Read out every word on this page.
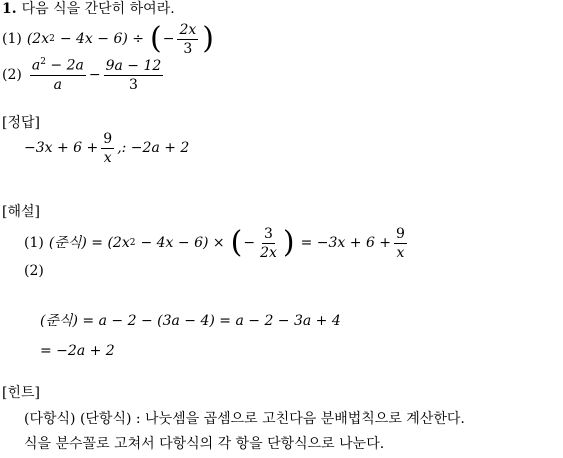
1. 다음 식을 간단히 하여라.
(1) (2x 2 − 4x − 6) ÷ ( − $\frac{2x}{3}$ )
$(2) \frac{a^2 - 2a}{a} - \frac{9a - 12}{3}$
[정답]
$-3x + 6 + \frac{9}{x}$ ,: −2a + 2
[해설]
(1) (준식) = (2x 2 − 4x − 6) × ( − $\frac{3}{2x}$ ) = $-3x + 6 + \frac{9}{x}$
(2)
(준식) = a − 2 − (3a − 4) = a − 2 − 3a + 4
= −2a + 2
[힌트]
(다항식) (단항식) : 나눗셈을 곱셈으로 고친다음 분배법칙으로 계산한다.
식을 분수꼴로 고쳐서 다항식의 각 항을 단항식으로 나눈다.
